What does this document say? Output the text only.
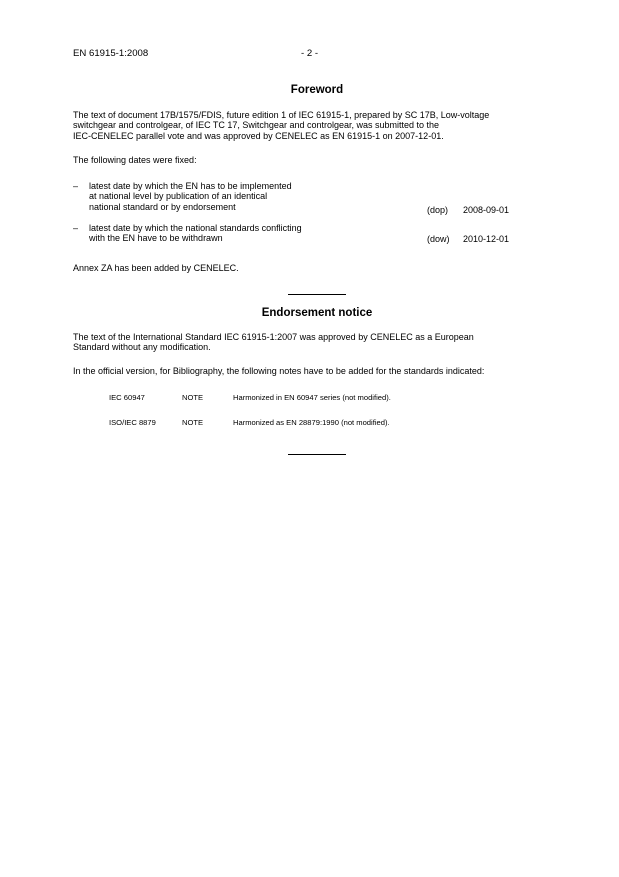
EN 61915-1:2008	- 2 -
Foreword
The text of document 17B/1575/FDIS, future edition 1 of IEC 61915-1, prepared by SC 17B, Low-voltage
switchgear and controlgear, of IEC TC 17, Switchgear and controlgear, was submitted to the
IEC-CENELEC parallel vote and was approved by CENELEC as EN 61915-1 on 2007-12-01.
The following dates were fixed:
– latest date by which the EN has to be implemented
at national level by publication of an identical
national standard or by endorsement	(dop) 2008-09-01
– latest date by which the national standards conflicting
with the EN have to be withdrawn	(dow) 2010-12-01
Annex ZA has been added by CENELEC.
Endorsement notice
The text of the International Standard IEC 61915-1:2007 was approved by CENELEC as a European
Standard without any modification.
In the official version, for Bibliography, the following notes have to be added for the standards indicated:
IEC 60947	NOTE	Harmonized in EN 60947 series (not modified).
ISO/IEC 8879	NOTE	Harmonized as EN 28879:1990 (not modified).
